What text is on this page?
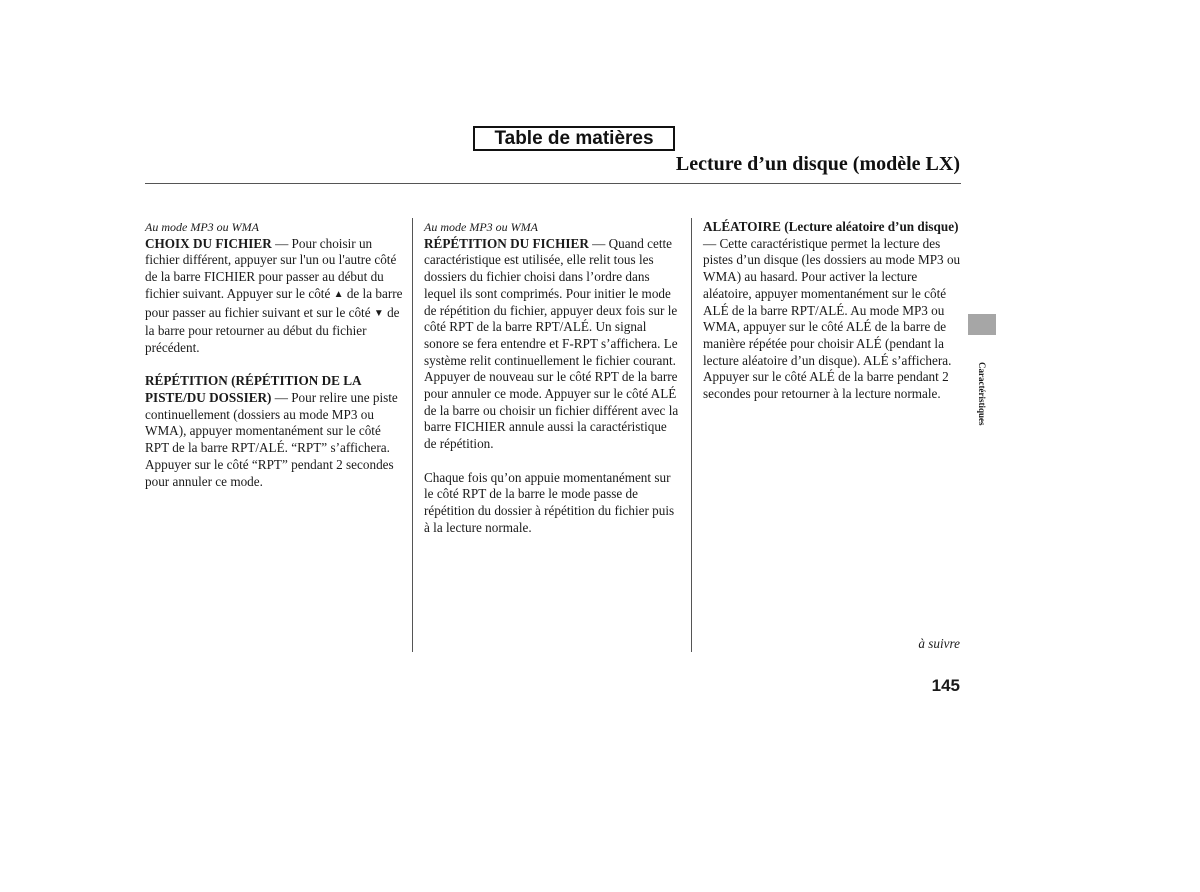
Table de matières
Lecture d’un disque (modèle LX)

Au mode MP3 ou WMA
CHOIX DU FICHIER — Pour choisir un fichier différent, appuyer sur l'un ou l'autre côté de la barre FICHIER pour passer au début du fichier suivant. Appuyer sur le côté ▲ de la barre pour passer au fichier suivant et sur le côté ▼ de la barre pour retourner au début du fichier précédent.

RÉPÉTITION (RÉPÉTITION DE LA PISTE/DU DOSSIER) — Pour relire une piste continuellement (dossiers au mode MP3 ou WMA), appuyer momentanément sur le côté RPT de la barre RPT/ALÉ. “RPT” s’affichera. Appuyer sur le côté “RPT” pendant 2 secondes pour annuler ce mode.

Au mode MP3 ou WMA
RÉPÉTITION DU FICHIER — Quand cette caractéristique est utilisée, elle relit tous les dossiers du fichier choisi dans l’ordre dans lequel ils sont comprimés. Pour initier le mode de répétition du fichier, appuyer deux fois sur le côté RPT de la barre RPT/ALÉ. Un signal sonore se fera entendre et F-RPT s’affichera. Le système relit continuellement le fichier courant. Appuyer de nouveau sur le côté RPT de la barre pour annuler ce mode. Appuyer sur le côté ALÉ de la barre ou choisir un fichier différent avec la barre FICHIER annule aussi la caractéristique de répétition.

Chaque fois qu’on appuie momentanément sur le côté RPT de la barre le mode passe de répétition du dossier à répétition du fichier puis à la lecture normale.

ALÉATOIRE (Lecture aléatoire d’un disque) — Cette caractéristique permet la lecture des pistes d’un disque (les dossiers au mode MP3 ou WMA) au hasard. Pour activer la lecture aléatoire, appuyer momentanément sur le côté ALÉ de la barre RPT/ALÉ. Au mode MP3 ou WMA, appuyer sur le côté ALÉ de la barre de manière répétée pour choisir ALÉ (pendant la lecture aléatoire d’un disque). ALÉ s’affichera. Appuyer sur le côté ALÉ de la barre pendant 2 secondes pour retourner à la lecture normale.	Caractéristiques
à suivre
145
